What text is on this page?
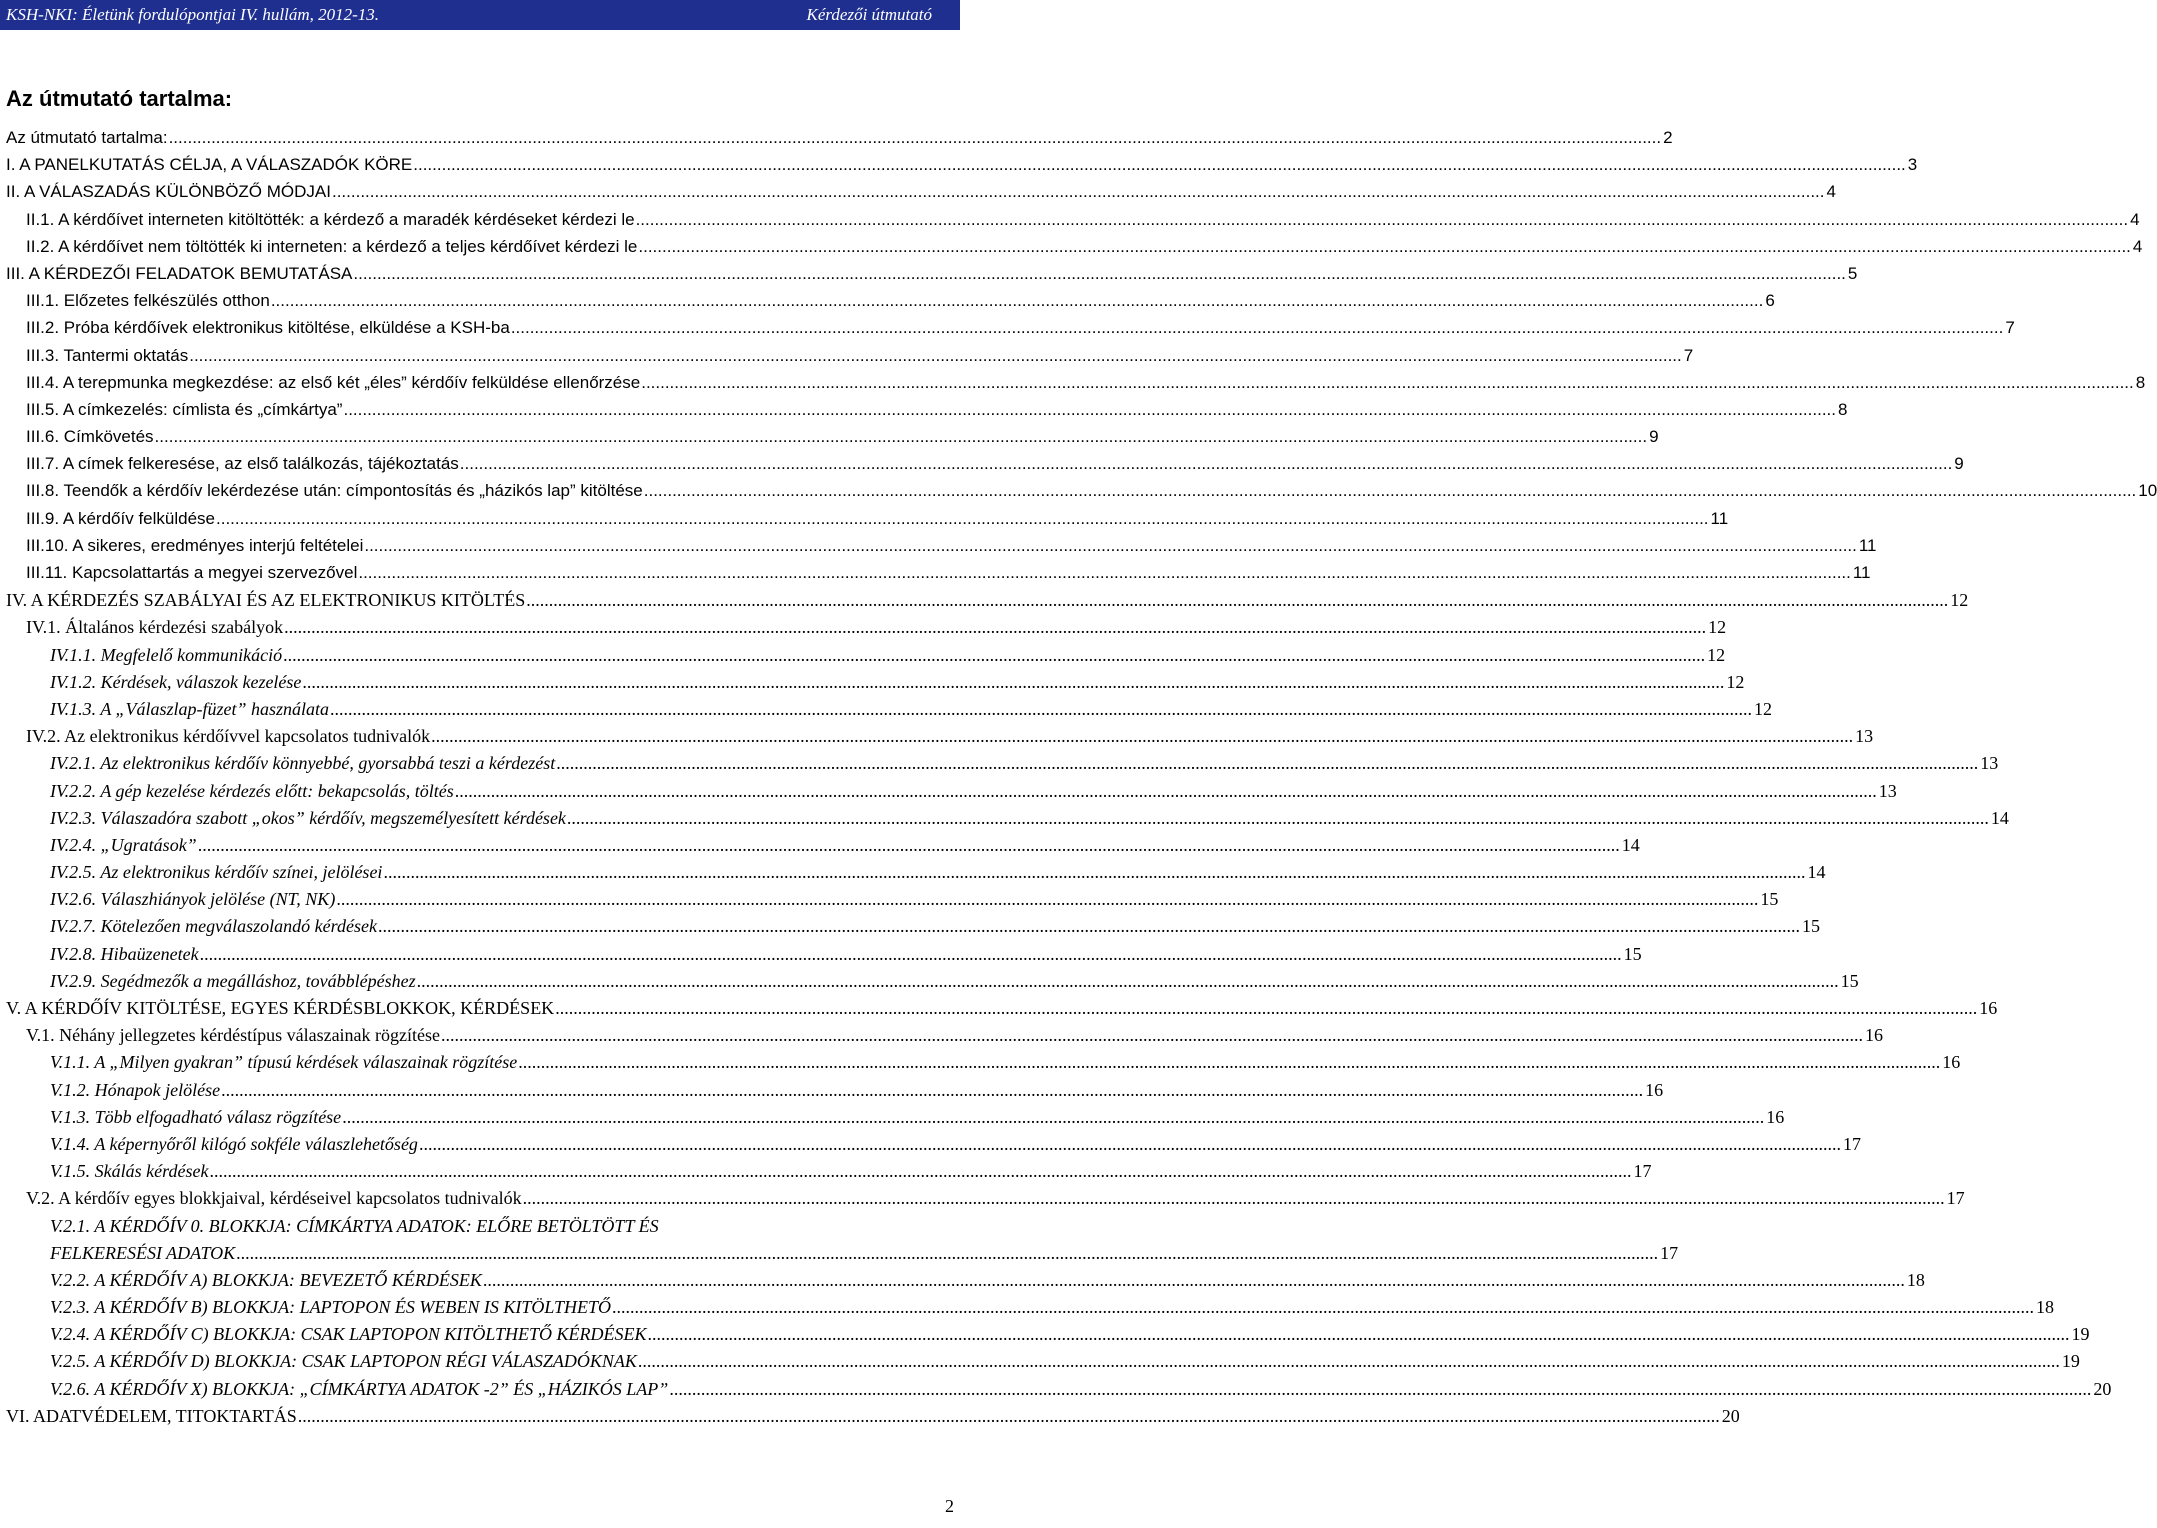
KSH-NKI: Életünk fordulópontjai IV. hullám, 2012-13.	Kérdezői útmutató
Az útmutató tartalma:
Az útmutató tartalma: .....	2
I. A PANELKUTATÁS CÉLJA, A VÁLASZADÓK KÖRE .....	3
II. A VÁLASZADÁS KÜLÖNBÖZŐ MÓDJAI .....	4
II.1. A kérdőívet interneten kitöltötték: a kérdező a maradék kérdéseket kérdezi le .....	4
II.2. A kérdőívet nem töltötték ki interneten: a kérdező a teljes kérdőívet kérdezi le .....	4
III. A KÉRDEZŐI FELADATOK BEMUTATÁSA .....	5
III.1. Előzetes felkészülés otthon .....	6
III.2. Próba kérdőívek elektronikus kitöltése, elküldése a KSH-ba .....	7
III.3. Tantermi oktatás .....	7
III.4. A terepmunka megkezdése: az első két „éles” kérdőív felküldése ellenőrzése .....	8
III.5. A címkezelés: címlista és „címkártya” .....	8
III.6. Címkövetés .....	9
III.7. A címek felkeresése, az első találkozás, tájékoztatás .....	9
III.8. Teendők a kérdőív lekérdezése után: címpontosítás és „házikós lap” kitöltése .....	10
III.9. A kérdőív felküldése .....	11
III.10. A sikeres, eredményes interjú feltételei .....	11
III.11. Kapcsolattartás a megyei szervezővel .....	11
IV. A KÉRDEZÉS SZABÁLYAI ÉS AZ ELEKTRONIKUS KITÖLTÉS .....	12
IV.1. Általános kérdezési szabályok .....	12
IV.1.1. Megfelelő kommunikáció .....	12
IV.1.2. Kérdések, válaszok kezelése .....	12
IV.1.3. A „Válaszlap-füzet” használata .....	12
IV.2. Az elektronikus kérdőívvel kapcsolatos tudnivalók .....	13
IV.2.1. Az elektronikus kérdőív könnyebbé, gyorsabbá teszi a kérdezést .....	13
IV.2.2. A gép kezelése kérdezés előtt: bekapcsolás, töltés .....	13
IV.2.3. Válaszadóra szabott „okos” kérdőív, megszemélyesített kérdések .....	14
IV.2.4. „Ugratások” .....	14
IV.2.5. Az elektronikus kérdőív színei, jelölései .....	14
IV.2.6. Válaszhiányok jelölése (NT, NK) .....	15
IV.2.7. Kötelezően megválaszolandó kérdések .....	15
IV.2.8. Hibaüzenetek .....	15
IV.2.9. Segédmezők a megálláshoz, továbblépéshez .....	15
V. A KÉRDŐÍV KITÖLTÉSE, EGYES KÉRDÉSBLOKKOK, KÉRDÉSEK .....	16
V.1. Néhány jellegzetes kérdéstípus válaszainak rögzítése .....	16
V.1.1. A „Milyen gyakran” típusú kérdések válaszainak rögzítése .....	16
V.1.2. Hónapok jelölése .....	16
V.1.3. Több elfogadható válasz rögzítése .....	16
V.1.4. A képernyőről kilógó sokféle válaszlehetőség .....	17
V.1.5. Skálás kérdések .....	17
V.2. A kérdőív egyes blokkjaival, kérdéseivel kapcsolatos tudnivalók .....	17
V.2.1. A KÉRDŐÍV 0. BLOKKJA: CÍMKÁRTYA ADATOK: ELŐRE BETÖLTÖTT ÉS
FELKERESÉSI ADATOK .....	17
V.2.2. A KÉRDŐÍV A) BLOKKJA: BEVEZETŐ KÉRDÉSEK .....	18
V.2.3. A KÉRDŐÍV B) BLOKKJA: LAPTOPON ÉS WEBEN IS KITÖLTHETŐ .....	18
V.2.4. A KÉRDŐÍV C) BLOKKJA: CSAK LAPTOPON KITÖLTHETŐ KÉRDÉSEK .....	19
V.2.5. A KÉRDŐÍV D) BLOKKJA: CSAK LAPTOPON RÉGI VÁLASZADÓKNAK .....	19
V.2.6. A KÉRDŐÍV X) BLOKKJA: „CÍMKÁRTYA ADATOK -2” ÉS „HÁZIKÓS LAP” .....	20
VI. ADATVÉDELEM, TITOKTARTÁS .....	20
2
